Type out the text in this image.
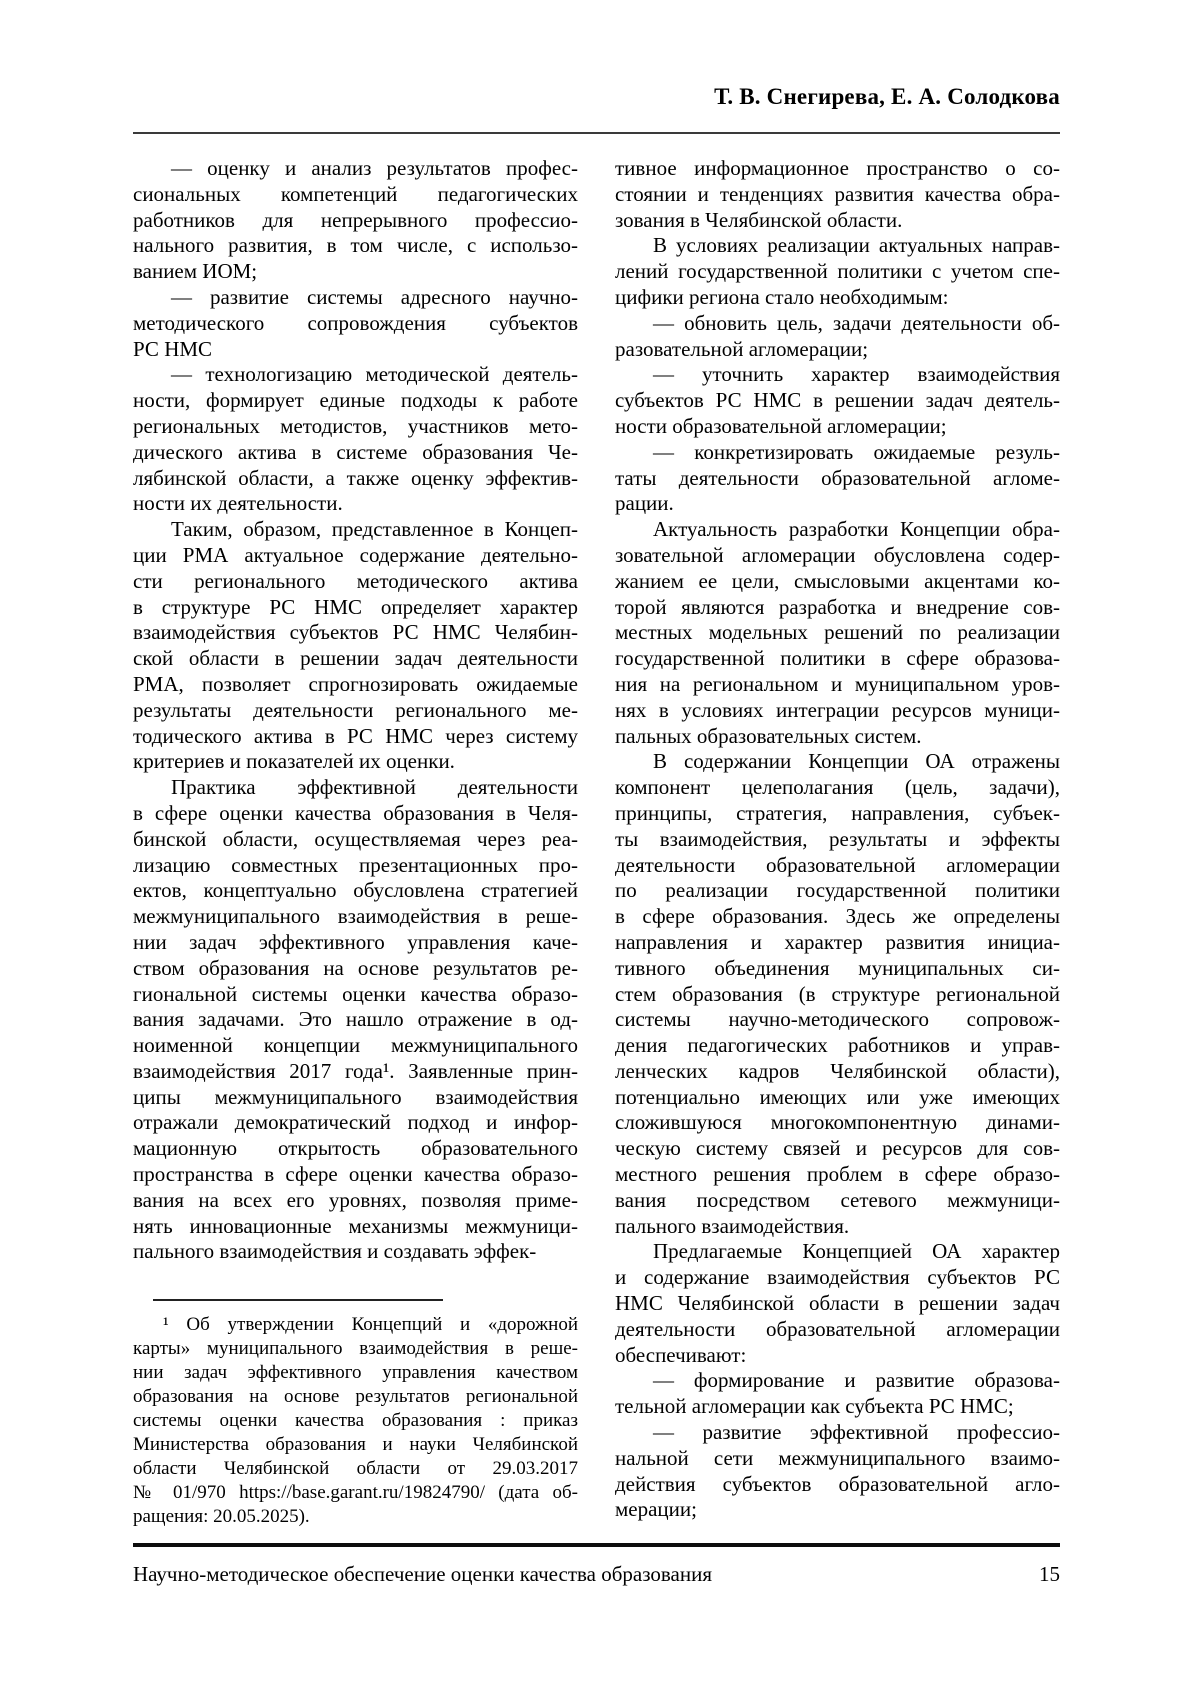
Т. В. Снегирева, Е. А. Солодкова
— оценку и анализ результатов профес-
сиональных компетенций педагогических
работников для непрерывного профессио-
нального развития, в том числе, с использо-
ванием ИОМ;
— развитие системы адресного научно-
методического сопровождения субъектов
РС НМС
— технологизацию методической деятель-
ности, формирует единые подходы к работе
региональных методистов, участников мето-
дического актива в системе образования Че-
лябинской области, а также оценку эффектив-
ности их деятельности.
Таким, образом, представленное в Концеп-
ции РМА актуальное содержание деятельно-
сти регионального методического актива
в структуре РС НМС определяет характер
взаимодействия субъектов РС НМС Челябин-
ской области в решении задач деятельности
РМА, позволяет спрогнозировать ожидаемые
результаты деятельности регионального ме-
тодического актива в РС НМС через систему
критериев и показателей их оценки.
Практика эффективной деятельности
в сфере оценки качества образования в Челя-
бинской области, осуществляемая через реа-
лизацию совместных презентационных про-
ектов, концептуально обусловлена стратегией
межмуниципального взаимодействия в реше-
нии задач эффективного управления каче-
ством образования на основе результатов ре-
гиональной системы оценки качества образо-
вания задачами. Это нашло отражение в од-
ноименной концепции межмуниципального
взаимодействия 2017 года¹. Заявленные прин-
ципы межмуниципального взаимодействия
отражали демократический подход и инфор-
мационную открытость образовательного
пространства в сфере оценки качества образо-
вания на всех его уровнях, позволяя приме-
нять инновационные механизмы межмуници-
пального взаимодействия и создавать эффек-
тивное информационное пространство о со-
стоянии и тенденциях развития качества обра-
зования в Челябинской области.
В условиях реализации актуальных направ-
лений государственной политики с учетом спе-
цифики региона стало необходимым:
— обновить цель, задачи деятельности об-
разовательной агломерации;
— уточнить характер взаимодействия
субъектов РС НМС в решении задач деятель-
ности образовательной агломерации;
— конкретизировать ожидаемые резуль-
таты деятельности образовательной агломе-
рации.
Актуальность разработки Концепции обра-
зовательной агломерации обусловлена содер-
жанием ее цели, смысловыми акцентами ко-
торой являются разработка и внедрение сов-
местных модельных решений по реализации
государственной политики в сфере образова-
ния на региональном и муниципальном уров-
нях в условиях интеграции ресурсов муници-
пальных образовательных систем.
В содержании Концепции ОА отражены
компонент целеполагания (цель, задачи),
принципы, стратегия, направления, субъек-
ты взаимодействия, результаты и эффекты
деятельности образовательной агломерации
по реализации государственной политики
в сфере образования. Здесь же определены
направления и характер развития инициа-
тивного объединения муниципальных си-
стем образования (в структуре региональной
системы научно-методического сопровож-
дения педагогических работников и управ-
ленческих кадров Челябинской области),
потенциально имеющих или уже имеющих
сложившуюся многокомпонентную динами-
ческую систему связей и ресурсов для сов-
местного решения проблем в сфере образо-
вания посредством сетевого межмуници-
пального взаимодействия.
Предлагаемые Концепцией ОА характер
и содержание взаимодействия субъектов РС
НМС Челябинской области в решении задач
деятельности образовательной агломерации
обеспечивают:
— формирование и развитие образова-
тельной агломерации как субъекта РС НМС;
— развитие эффективной профессио-
нальной сети межмуниципального взаимо-
действия субъектов образовательной агло-
мерации;
¹ Об утверждении Концепций и «дорожной
карты» муниципального взаимодействия в реше-
нии задач эффективного управления качеством
образования на основе результатов региональной
системы оценки качества образования : приказ
Министерства образования и науки Челябинской
области Челябинской области от 29.03.2017
№ 01/970 https://base.garant.ru/19824790/ (дата об-
ращения: 20.05.2025).
Научно-методическое обеспечение оценки качества образования	15
